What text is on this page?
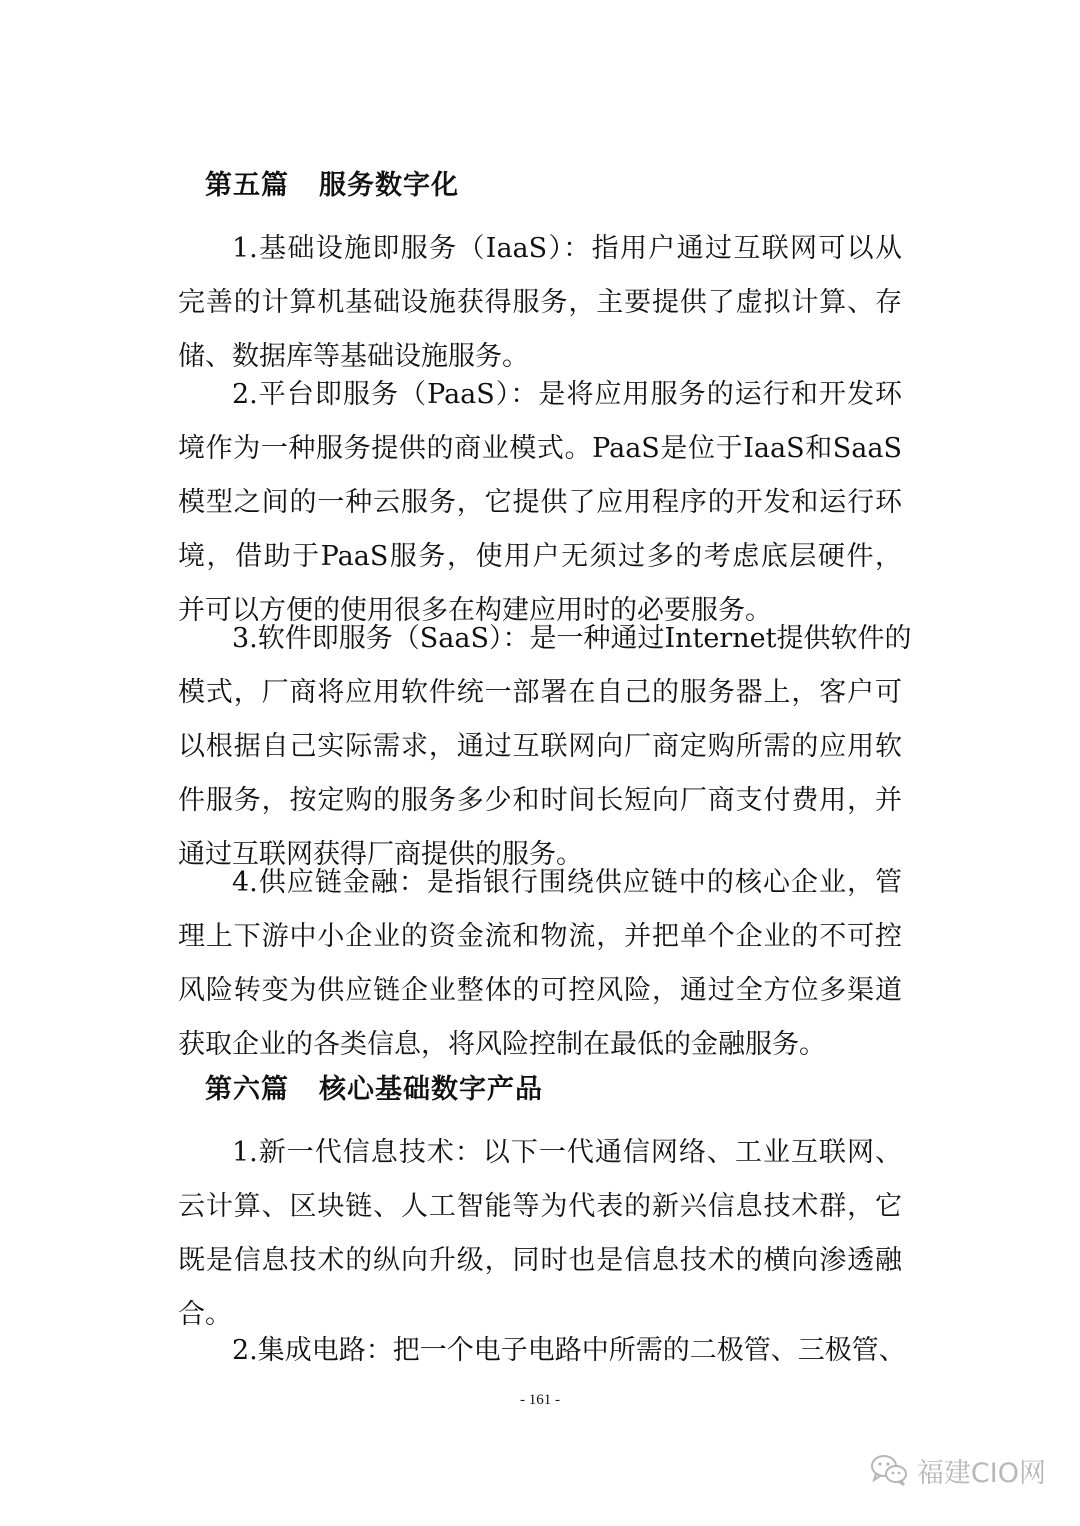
第五篇 服务数字化
1.基础设施即服务（IaaS）：指用户通过互联网可以从
完善的计算机基础设施获得服务，主要提供了虚拟计算、存
储、数据库等基础设施服务。
2.平台即服务（PaaS）：是将应用服务的运行和开发环
境作为一种服务提供的商业模式。PaaS是位于IaaS和SaaS
模型之间的一种云服务，它提供了应用程序的开发和运行环
境，借助于PaaS服务，使用户无须过多的考虑底层硬件，
并可以方便的使用很多在构建应用时的必要服务。
3.软件即服务（SaaS）：是一种通过Internet提供软件的
模式，厂商将应用软件统一部署在自己的服务器上，客户可
以根据自己实际需求，通过互联网向厂商定购所需的应用软
件服务，按定购的服务多少和时间长短向厂商支付费用，并
通过互联网获得厂商提供的服务。
4.供应链金融：是指银行围绕供应链中的核心企业，管
理上下游中小企业的资金流和物流，并把单个企业的不可控
风险转变为供应链企业整体的可控风险，通过全方位多渠道
获取企业的各类信息，将风险控制在最低的金融服务。
第六篇 核心基础数字产品
1.新一代信息技术：以下一代通信网络、工业互联网、
云计算、区块链、人工智能等为代表的新兴信息技术群，它
既是信息技术的纵向升级，同时也是信息技术的横向渗透融
合。
2.集成电路：把一个电子电路中所需的二极管、三极管、
- 161 -
福建CIO网
